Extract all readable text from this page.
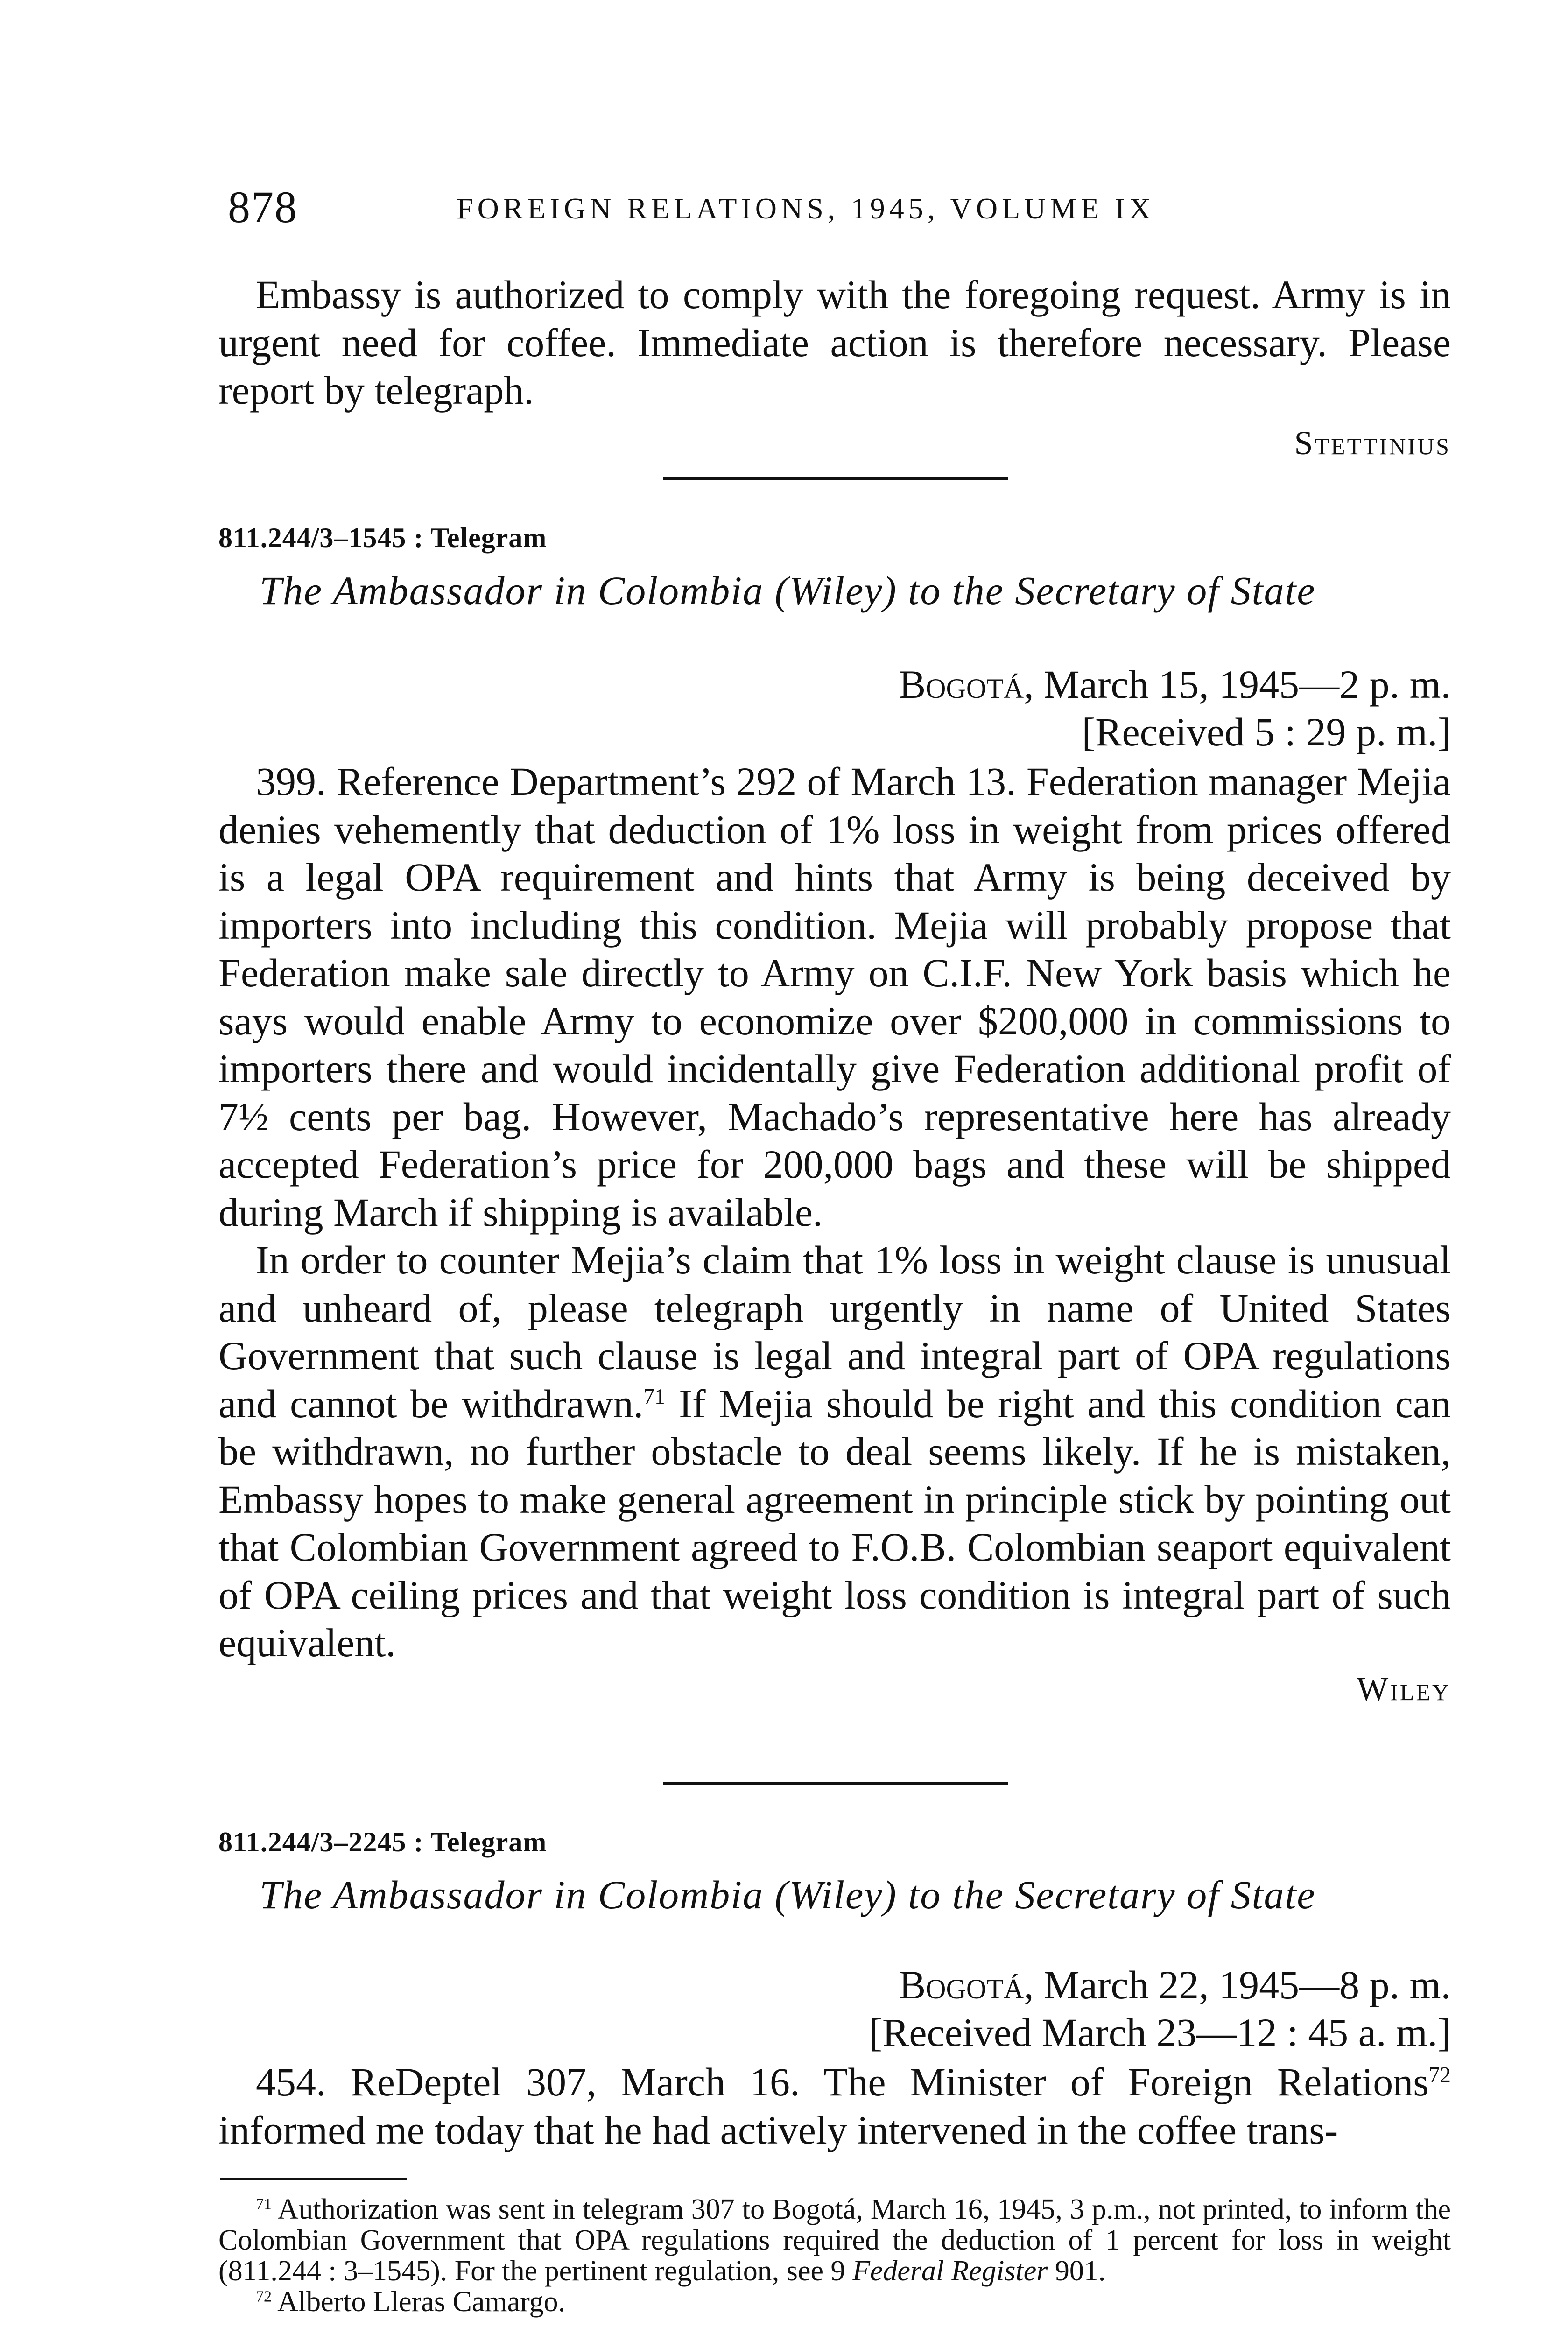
878	FOREIGN RELATIONS, 1945, VOLUME IX

Embassy is authorized to comply with the foregoing request. Army is in urgent need for coffee. Immediate action is therefore necessary. Please report by telegraph.

Stettinius
811.244/3–1545 : Telegram
The Ambassador in Colombia (Wiley) to the Secretary of State
Bogotá, March 15, 1945—2 p. m.
[Received 5 : 29 p. m.]

399. Reference Department’s 292 of March 13. Federation manager Mejia denies vehemently that deduction of 1% loss in weight from prices offered is a legal OPA requirement and hints that Army is being deceived by importers into including this condition. Mejia will probably propose that Federation make sale directly to Army on C.I.F. New York basis which he says would enable Army to economize over $200,000 in commissions to importers there and would incidentally give Federation additional profit of 7½ cents per bag. However, Machado’s representative here has already accepted Federation’s price for 200,000 bags and these will be shipped during March if shipping is available.

In order to counter Mejia’s claim that 1% loss in weight clause is unusual and unheard of, please telegraph urgently in name of United States Government that such clause is legal and integral part of OPA regulations and cannot be withdrawn.$^{71}$ If Mejia should be right and this condition can be withdrawn, no further obstacle to deal seems likely. If he is mistaken, Embassy hopes to make general agreement in principle stick by pointing out that Colombian Government agreed to F.O.B. Colombian seaport equivalent of OPA ceiling prices and that weight loss condition is integral part of such equivalent.

Wiley
811.244/3–2245 : Telegram
The Ambassador in Colombia (Wiley) to the Secretary of State
Bogotá, March 22, 1945—8 p. m.
[Received March 23—12 : 45 a. m.]

454. ReDeptel 307, March 16. The Minister of Foreign Relations$^{72}$ informed me today that he had actively intervened in the coffee trans-

$^{71}$ Authorization was sent in telegram 307 to Bogotá, March 16, 1945, 3 p.m., not printed, to inform the Colombian Government that OPA regulations required the deduction of 1 percent for loss in weight (811.244 : 3–1545). For the pertinent regulation, see 9 Federal Register 901.

$^{72}$ Alberto Lleras Camargo.
